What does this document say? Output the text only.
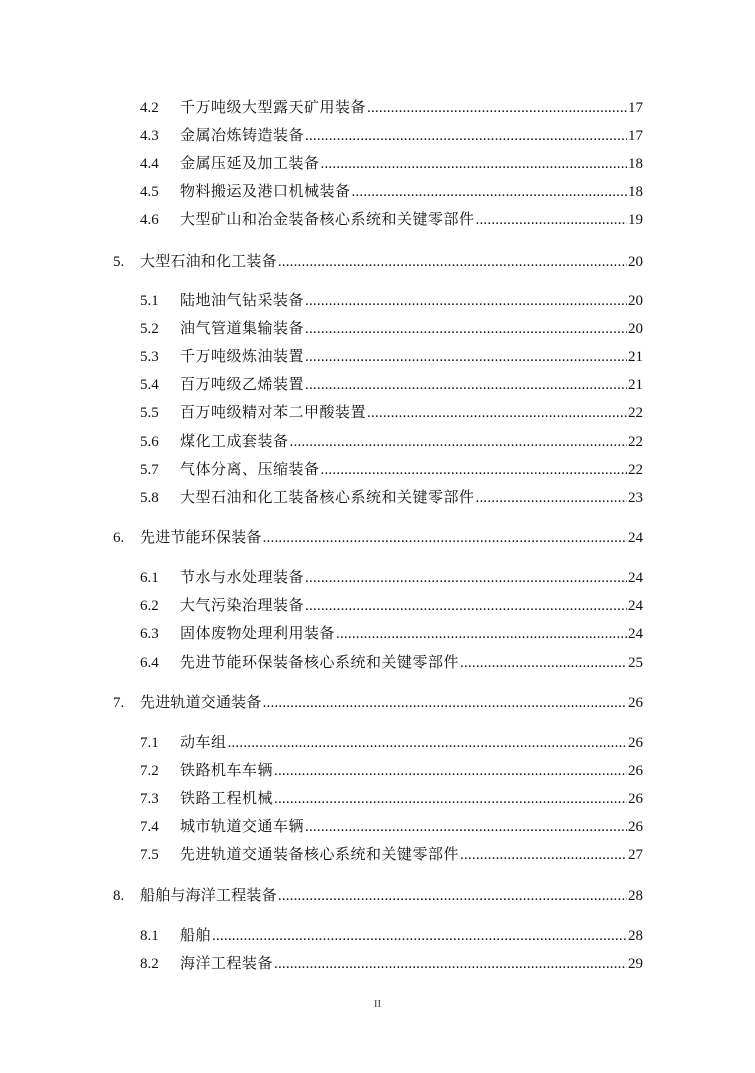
4.2	千万吨级大型露天矿用装备 .....	17
4.3	金属冶炼铸造装备 .....	17
4.4	金属压延及加工装备 .....	18
4.5	物料搬运及港口机械装备 .....	18
4.6	大型矿山和冶金装备核心系统和关键零部件 .....	19
5.	大型石油和化工装备 .....	20
5.1	陆地油气钻采装备 .....	20
5.2	油气管道集输装备 .....	20
5.3	千万吨级炼油装置 .....	21
5.4	百万吨级乙烯装置 .....	21
5.5	百万吨级精对苯二甲酸装置 .....	22
5.6	煤化工成套装备 .....	22
5.7	气体分离、压缩装备 .....	22
5.8	大型石油和化工装备核心系统和关键零部件 .....	23
6.	先进节能环保装备 .....	24
6.1	节水与水处理装备 .....	24
6.2	大气污染治理装备 .....	24
6.3	固体废物处理利用装备 .....	24
6.4	先进节能环保装备核心系统和关键零部件 .....	25
7.	先进轨道交通装备 .....	26
7.1	动车组 .....	26
7.2	铁路机车车辆 .....	26
7.3	铁路工程机械 .....	26
7.4	城市轨道交通车辆 .....	26
7.5	先进轨道交通装备核心系统和关键零部件 .....	27
8.	船舶与海洋工程装备 .....	28
8.1	船舶 .....	28
8.2	海洋工程装备 .....	29
II
